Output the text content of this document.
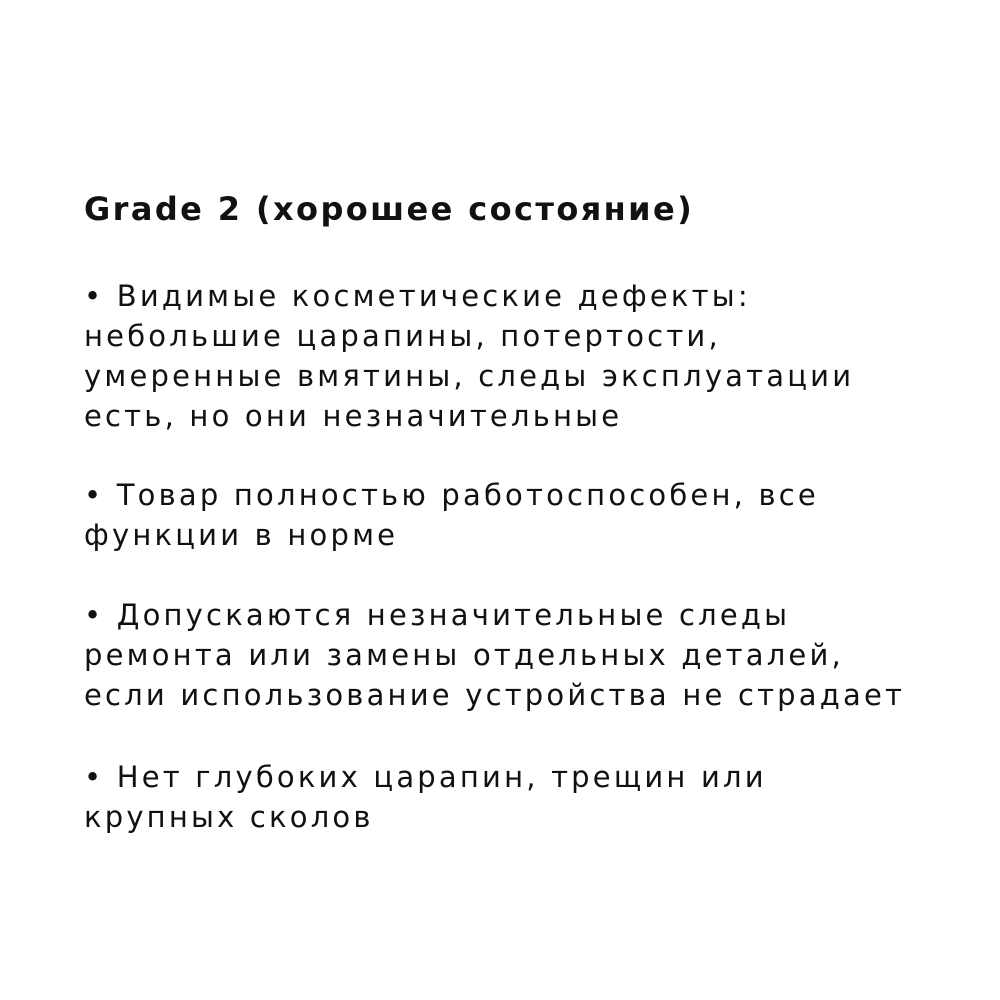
Grade 2 (хорошее состояние)

• Видимые косметические дефекты:
небольшие царапины, потертости,
умеренные вмятины, следы эксплуатации
есть, но они незначительные

• Товар полностью работоспособен, все
функции в норме

• Допускаются незначительные следы
ремонта или замены отдельных деталей,
если использование устройства не страдает

• Нет глубоких царапин, трещин или
крупных сколов
